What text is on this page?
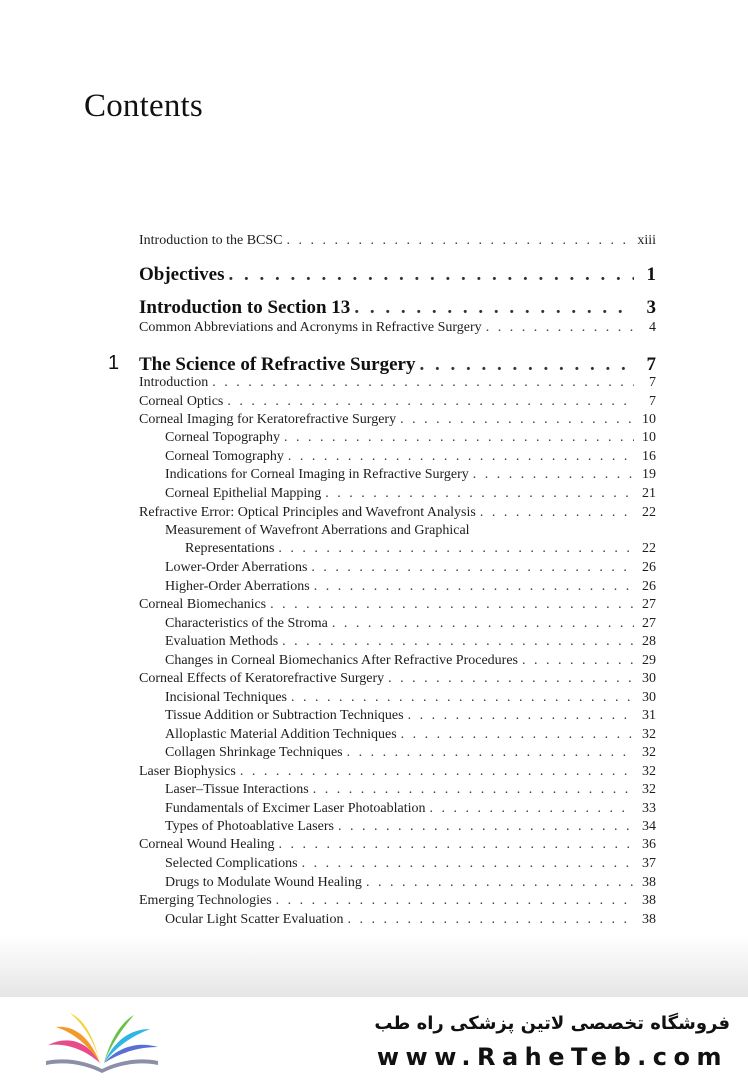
Contents
1
Introduction to the BCSC . . .	xiii
Objectives . . .	1
Introduction to Section 13 . . .	3
Common Abbreviations and Acronyms in Refractive Surgery . . .	4
The Science of Refractive Surgery . . .	7
Introduction . . .	7
Corneal Optics . . .	7
Corneal Imaging for Keratorefractive Surgery . . .	10
Corneal Topography . . .	10
Corneal Tomography . . .	16
Indications for Corneal Imaging in Refractive Surgery . . .	19
Corneal Epithelial Mapping . . .	21
Refractive Error: Optical Principles and Wavefront Analysis . . .	22
Measurement of Wavefront Aberrations and Graphical
Representations . . .	22
Lower-Order Aberrations . . .	26
Higher-Order Aberrations . . .	26
Corneal Biomechanics . . .	27
Characteristics of the Stroma . . .	27
Evaluation Methods . . .	28
Changes in Corneal Biomechanics After Refractive Procedures . . .	29
Corneal Effects of Keratorefractive Surgery . . .	30
Incisional Techniques . . .	30
Tissue Addition or Subtraction Techniques . . .	31
Alloplastic Material Addition Techniques . . .	32
Collagen Shrinkage Techniques . . .	32
Laser Biophysics . . .	32
Laser–Tissue Interactions . . .	32
Fundamentals of Excimer Laser Photoablation . . .	33
Types of Photoablative Lasers . . .	34
Corneal Wound Healing . . .	36
Selected Complications . . .	37
Drugs to Modulate Wound Healing . . .	38
Emerging Technologies . . .	38
Ocular Light Scatter Evaluation . . .	38
فروشگاه تخصصی لاتین پزشکی راه طب
www.RaheTeb.com
